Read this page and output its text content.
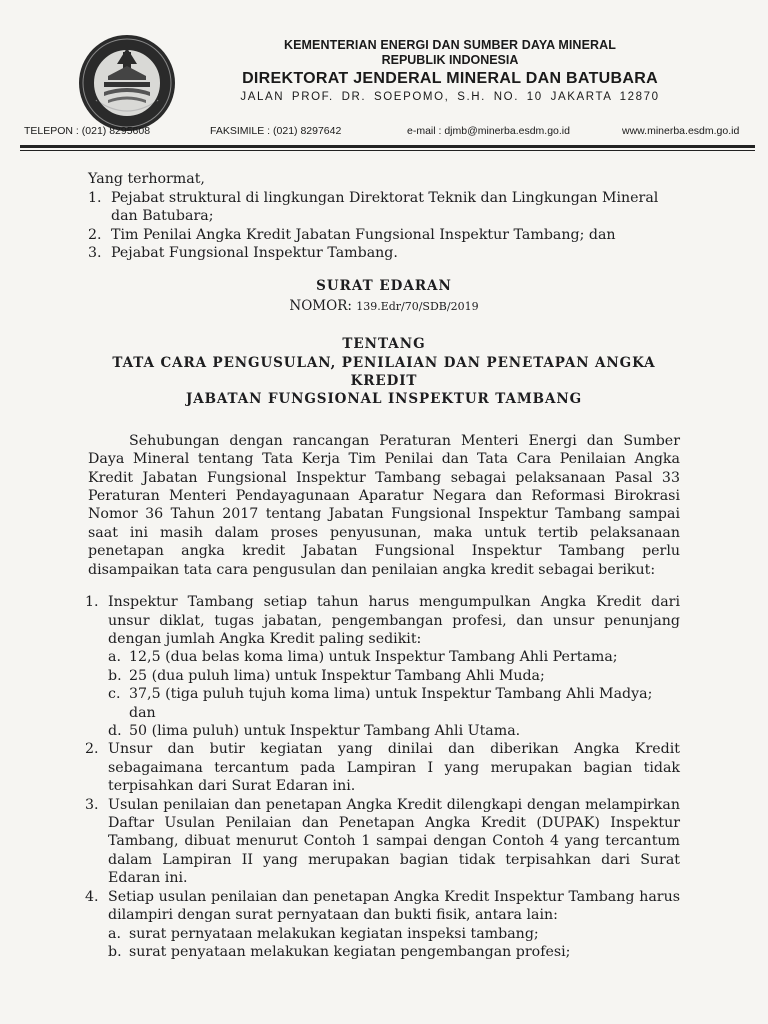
KEMENTERIAN ENERGI DAN SUMBER DAYA MINERAL
REPUBLIK INDONESIA
DIREKTORAT JENDERAL MINERAL DAN BATUBARA
JALAN PROF. DR. SOEPOMO, S.H. NO. 10 JAKARTA 12870
TELEPON : (021) 8295608	FAKSIMILE : (021) 8297642	e-mail : djmb@minerba.esdm.go.id	www.minerba.esdm.go.id

Yang terhormat,

1. Pejabat struktural di lingkungan Direktorat Teknik dan Lingkungan Mineral dan Batubara;
2. Tim Penilai Angka Kredit Jabatan Fungsional Inspektur Tambang; dan
3. Pejabat Fungsional Inspektur Tambang.
SURAT EDARAN
NOMOR: 139.Edr/70/SDB/2019
TENTANG
TATA CARA PENGUSULAN, PENILAIAN DAN PENETAPAN ANGKA KREDIT
JABATAN FUNGSIONAL INSPEKTUR TAMBANG

Sehubungan dengan rancangan Peraturan Menteri Energi dan Sumber Daya Mineral tentang Tata Kerja Tim Penilai dan Tata Cara Penilaian Angka Kredit Jabatan Fungsional Inspektur Tambang sebagai pelaksanaan Pasal 33 Peraturan Menteri Pendayagunaan Aparatur Negara dan Reformasi Birokrasi Nomor 36 Tahun 2017 tentang Jabatan Fungsional Inspektur Tambang sampai saat ini masih dalam proses penyusunan, maka untuk tertib pelaksanaan penetapan angka kredit Jabatan Fungsional Inspektur Tambang perlu disampaikan tata cara pengusulan dan penilaian angka kredit sebagai berikut:

1. Inspektur Tambang setiap tahun harus mengumpulkan Angka Kredit dari unsur diklat, tugas jabatan, pengembangan profesi, dan unsur penunjang dengan jumlah Angka Kredit paling sedikit:
a. 12,5 (dua belas koma lima) untuk Inspektur Tambang Ahli Pertama;
b. 25 (dua puluh lima) untuk Inspektur Tambang Ahli Muda;
c. 37,5 (tiga puluh tujuh koma lima) untuk Inspektur Tambang Ahli Madya; dan
d. 50 (lima puluh) untuk Inspektur Tambang Ahli Utama.
2. Unsur dan butir kegiatan yang dinilai dan diberikan Angka Kredit sebagaimana tercantum pada Lampiran I yang merupakan bagian tidak terpisahkan dari Surat Edaran ini.
3. Usulan penilaian dan penetapan Angka Kredit dilengkapi dengan melampirkan Daftar Usulan Penilaian dan Penetapan Angka Kredit (DUPAK) Inspektur Tambang, dibuat menurut Contoh 1 sampai dengan Contoh 4 yang tercantum dalam Lampiran II yang merupakan bagian tidak terpisahkan dari Surat Edaran ini.
4. Setiap usulan penilaian dan penetapan Angka Kredit Inspektur Tambang harus dilampiri dengan surat pernyataan dan bukti fisik, antara lain:
a. surat pernyataan melakukan kegiatan inspeksi tambang;
b. surat penyataan melakukan kegiatan pengembangan profesi;
